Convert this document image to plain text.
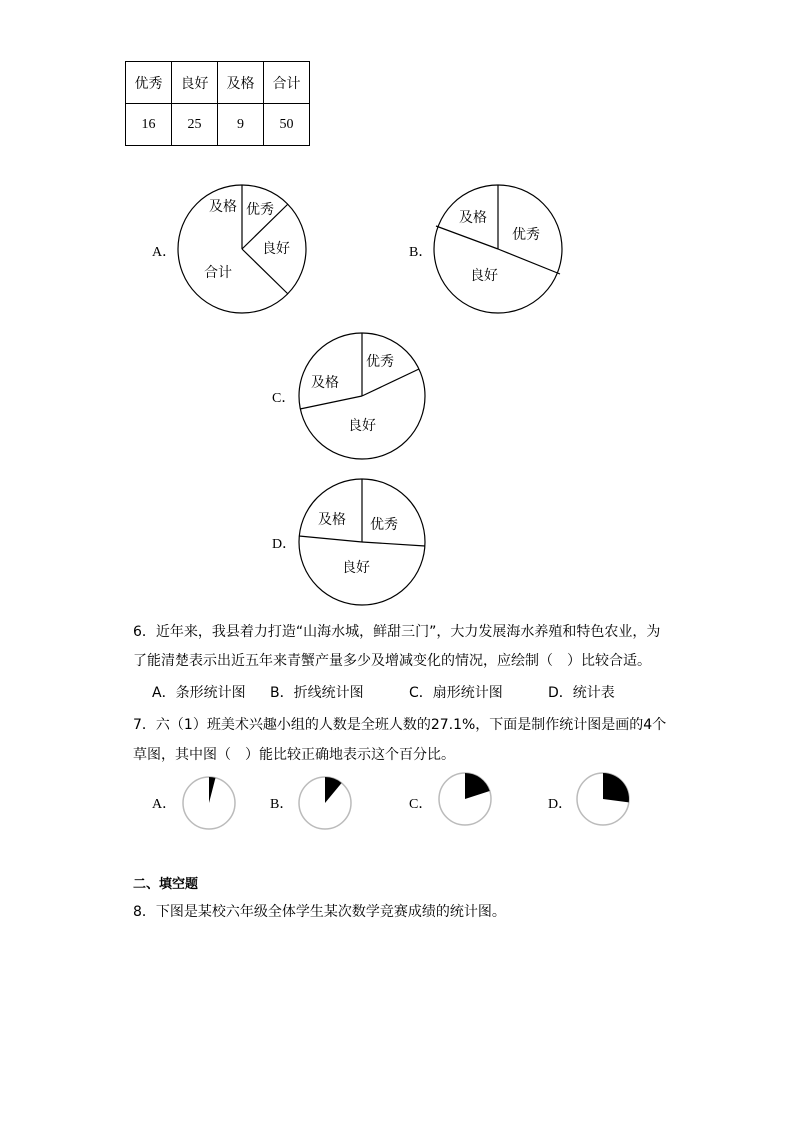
优秀	良好	及格	合计
16	25	9	50
A．
及格 优秀
良好
合计
B．
及格
优秀
良好
C．
及格
优秀
良好
D．
及格 优秀
良好
6．近年来，我县着力打造“山海水城，鲜甜三门”，大力发展海水养殖和特色农业，为
了能清楚表示出近五年来青蟹产量多少及增减变化的情况，应绘制（　）比较合适。
A．条形统计图 B．折线统计图	C．扇形统计图	D．统计表
7．六（1）班美术兴趣小组的人数是全班人数的27.1%，下面是制作统计图是画的4个
草图，其中图（　）能比较正确地表示这个百分比。
A．	B．	C．	D．
二、填空题
8．下图是某校六年级全体学生某次数学竞赛成绩的统计图。
